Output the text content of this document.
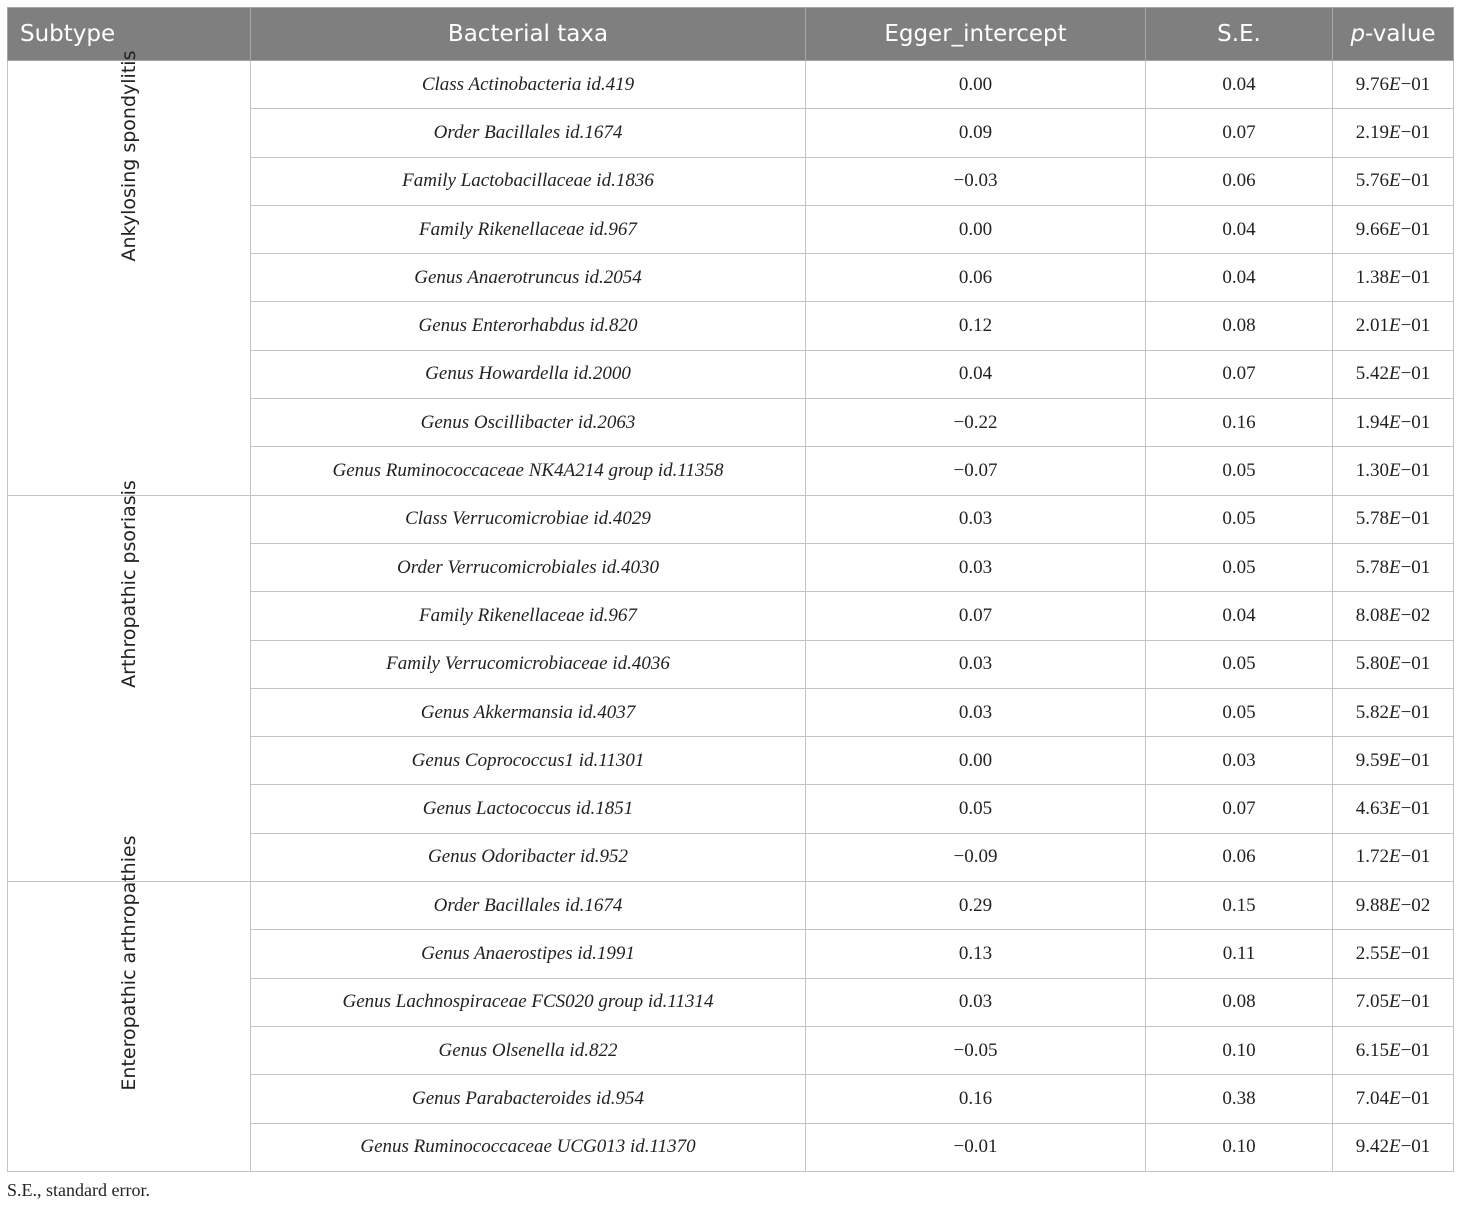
Subtype	Bacterial taxa	Egger_intercept	S.E.	p-value

Ankylosing spondylitis	Class Actinobacteria id.419	0.00	0.04	9.76E−01
	Order Bacillales id.1674	0.09	0.07	2.19E−01
	Family Lactobacillaceae id.1836	−0.03	0.06	5.76E−01
	Family Rikenellaceae id.967	0.00	0.04	9.66E−01
	Genus Anaerotruncus id.2054	0.06	0.04	1.38E−01
	Genus Enterorhabdus id.820	0.12	0.08	2.01E−01
	Genus Howardella id.2000	0.04	0.07	5.42E−01
	Genus Oscillibacter id.2063	−0.22	0.16	1.94E−01
	Genus Ruminococcaceae NK4A214 group id.11358	−0.07	0.05	1.30E−01

Arthropathic psoriasis	Class Verrucomicrobiae id.4029	0.03	0.05	5.78E−01
	Order Verrucomicrobiales id.4030	0.03	0.05	5.78E−01
	Family Rikenellaceae id.967	0.07	0.04	8.08E−02
	Family Verrucomicrobiaceae id.4036	0.03	0.05	5.80E−01
	Genus Akkermansia id.4037	0.03	0.05	5.82E−01
	Genus Coprococcus1 id.11301	0.00	0.03	9.59E−01
	Genus Lactococcus id.1851	0.05	0.07	4.63E−01
	Genus Odoribacter id.952	−0.09	0.06	1.72E−01

Enteropathic arthropathies	Order Bacillales id.1674	0.29	0.15	9.88E−02
	Genus Anaerostipes id.1991	0.13	0.11	2.55E−01
	Genus Lachnospiraceae FCS020 group id.11314	0.03	0.08	7.05E−01
	Genus Olsenella id.822	−0.05	0.10	6.15E−01
	Genus Parabacteroides id.954	0.16	0.38	7.04E−01
	Genus Ruminococcaceae UCG013 id.11370	−0.01	0.10	9.42E−01
S.E., standard error.
